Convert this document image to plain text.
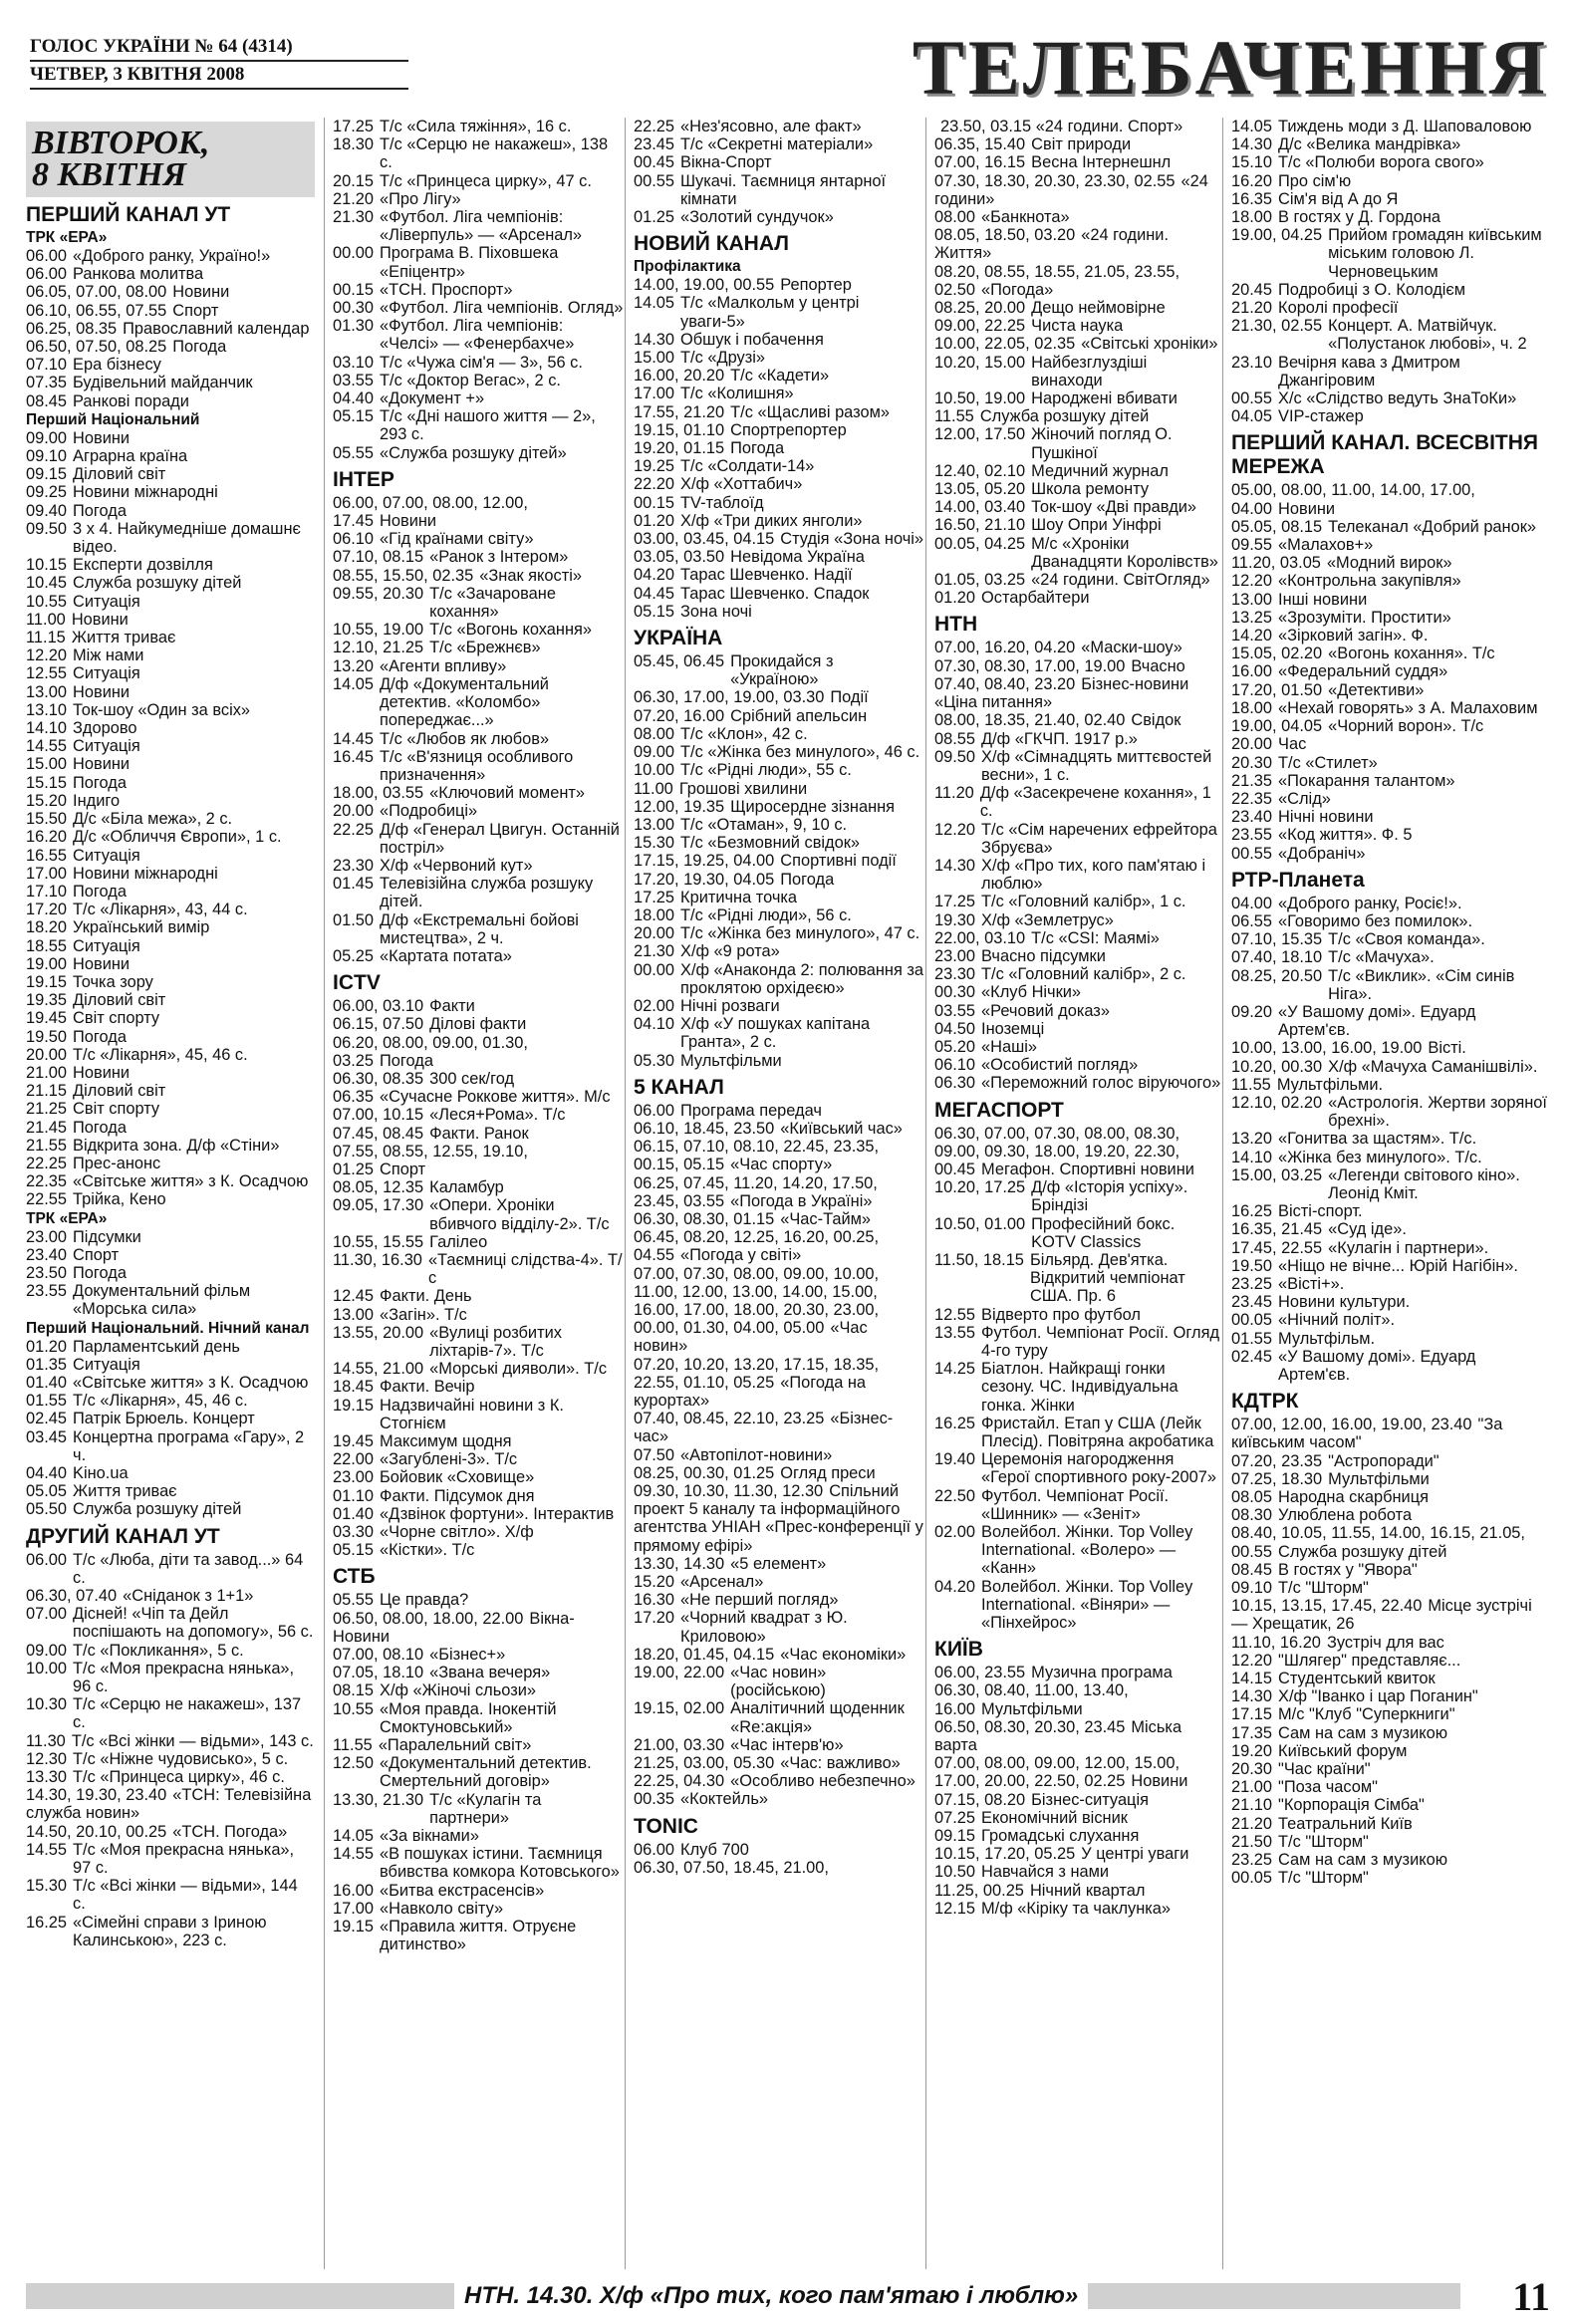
ГОЛОС УКРАЇНИ № 64 (4314)
ЧЕТВЕР, 3 КВІТНЯ 2008	ТЕЛЕБАЧЕННЯ
ВІВТОРОК,
8 КВІТНЯ
ПЕРШИЙ КАНАЛ УТ
ТРК «ЕРА»
06.00 «Доброго ранку, Україно!»
06.00 Ранкова молитва
06.05, 07.00, 08.00 Новини
06.10, 06.55, 07.55 Спорт
06.25, 08.35 Православний календар
06.50, 07.50, 08.25 Погода
07.10 Ера бізнесу
07.35 Будівельний майданчик
08.45 Ранкові поради
Перший Національний
09.00 Новини
09.10 Аграрна країна
09.15 Діловий світ
09.25 Новини міжнародні
09.40 Погода
09.50 3 х 4. Найкумедніше домашнє відео.
10.15 Експерти дозвілля
10.45 Служба розшуку дітей
10.55 Ситуація
11.00 Новини
11.15 Життя триває
12.20 Між нами
12.55 Ситуація
13.00 Новини
13.10 Ток-шоу «Один за всіх»
14.10 Здорово
14.55 Ситуація
15.00 Новини
15.15 Погода
15.20 Індиго
15.50 Д/с «Біла межа», 2 с.
16.20 Д/с «Обличчя Європи», 1 с.
16.55 Ситуація
17.00 Новини міжнародні
17.10 Погода
17.20 Т/с «Лікарня», 43, 44 с.
18.20 Український вимір
18.55 Ситуація
19.00 Новини
19.15 Точка зору
19.35 Діловий світ
19.45 Світ спорту
19.50 Погода
20.00 Т/с «Лікарня», 45, 46 с.
21.00 Новини
21.15 Діловий світ
21.25 Світ спорту
21.45 Погода
21.55 Відкрита зона. Д/ф «Стіни»
22.25 Прес-анонс
22.35 «Світське життя» з К. Осадчою
22.55 Трійка, Кено
ТРК «ЕРА»
23.00 Підсумки
23.40 Спорт
23.50 Погода
23.55 Документальний фільм «Морська сила»
Перший Національний. Нічний канал
01.20 Парламентський день
01.35 Ситуація
01.40 «Світське життя» з К. Осадчою
01.55 Т/с «Лікарня», 45, 46 с.
02.45 Патрік Брюель. Концерт
03.45 Концертна програма «Гару», 2 ч.
04.40 Kіно.ua
05.05 Життя триває
05.50 Служба розшуку дітей
ДРУГИЙ КАНАЛ УТ
06.00 Т/с «Люба, діти та завод...» 64 с.
06.30, 07.40 «Сніданок з 1+1»
07.00 Дісней! «Чіп та Дейл поспішають на допомогу», 56 с.
09.00 Т/с «Покликання», 5 с.
10.00 Т/с «Моя прекрасна нянька», 96 с.
10.30 Т/с «Серцю не накажеш», 137 с.
11.30 Т/с «Всі жінки — відьми», 143 с.
12.30 Т/с «Ніжне чудовисько», 5 с.
13.30 Т/с «Принцеса цирку», 46 с.
14.30, 19.30, 23.40 «ТСН: Телевізійна служба новин»
14.50, 20.10, 00.25 «ТСН. Погода»
14.55 Т/с «Моя прекрасна нянька», 97 с.
15.30 Т/с «Всі жінки — відьми», 144 с.
16.25 «Сімейні справи з Іриною Калинською», 223 с.
17.25 Т/с «Сила тяжіння», 16 с.
18.30 Т/с «Серцю не накажеш», 138 с.
20.15 Т/с «Принцеса цирку», 47 с.
21.20 «Про Лігу»
21.30 «Футбол. Ліга чемпіонів: «Ліверпуль» — «Арсенал»
00.00 Програма В. Піховшека «Епіцентр»
00.15 «ТСН. Проспорт»
00.30 «Футбол. Ліга чемпіонів. Огляд»
01.30 «Футбол. Ліга чемпіонів: «Челсі» — «Фенербахче»
03.10 Т/с «Чужа сім'я — 3», 56 с.
03.55 Т/с «Доктор Вегас», 2 с.
04.40 «Документ +»
05.15 Т/с «Дні нашого життя — 2», 293 с.
05.55 «Служба розшуку дітей»
ІНТЕР
06.00, 07.00, 08.00, 12.00, 17.45 Новини
06.10 «Гід країнами світу»
07.10, 08.15 «Ранок з Інтером»
08.55, 15.50, 02.35 «Знак якості»
09.55, 20.30 Т/с «Зачароване кохання»
10.55, 19.00 Т/с «Вогонь кохання»
12.10, 21.25 Т/с «Брежнєв»
13.20 «Агенти впливу»
14.05 Д/ф «Документальний детектив. «Коломбо» попереджає...»
14.45 Т/с «Любов як любов»
16.45 Т/с «В'язниця особливого призначення»
18.00, 03.55 «Ключовий момент»
20.00 «Подробиці»
22.25 Д/ф «Генерал Цвигун. Останній постріл»
23.30 Х/ф «Червоний кут»
01.45 Телевізійна служба розшуку дітей.
01.50 Д/ф «Екстремальні бойові мистецтва», 2 ч.
05.25 «Картата потата»
ICTV
06.00, 03.10 Факти
06.15, 07.50 Ділові факти
06.20, 08.00, 09.00, 01.30, 03.25 Погода
06.30, 08.35 300 сек/год
06.35 «Сучасне Роккове життя». М/с
07.00, 10.15 «Леся+Рома». Т/с
07.45, 08.45 Факти. Ранок
07.55, 08.55, 12.55, 19.10, 01.25 Спорт
08.05, 12.35 Каламбур
09.05, 17.30 «Опери. Хроніки вбивчого відділу-2». Т/с
10.55, 15.55 Галілео
11.30, 16.30 «Таємниці слідства-4». Т/с
12.45 Факти. День
13.00 «Загін». Т/с
13.55, 20.00 «Вулиці розбитих ліхтарів-7». Т/с
14.55, 21.00 «Морські дияволи». Т/с
18.45 Факти. Вечір
19.15 Надзвичайні новини з К. Стогнієм
19.45 Максимум щодня
22.00 «Загублені-3». Т/с
23.00 Бойовик «Сховище»
01.10 Факти. Підсумок дня
01.40 «Дзвінок фортуни». Інтерактив
03.30 «Чорне світло». Х/ф
05.15 «Кістки». Т/с
СТБ
05.55 Це правда?
06.50, 08.00, 18.00, 22.00 Вікна-Новини
07.00, 08.10 «Бізнес+»
07.05, 18.10 «Звана вечеря»
08.15 Х/ф «Жіночі сльози»
10.55 «Моя правда. Інокентій Смоктуновський»
11.55 «Паралельний світ»
12.50 «Документальний детектив. Смертельний договір»
13.30, 21.30 Т/с «Кулагін та партнери»
14.05 «За вікнами»
14.55 «В пошуках істини. Таємниця вбивства комкора Котовського»
16.00 «Битва екстрасенсів»
17.00 «Навколо світу»
19.15 «Правила життя. Отруєне дитинство»
22.25 «Нез'ясовно, але факт»
23.45 Т/с «Секретні матеріали»
00.45 Вікна-Спорт
00.55 Шукачі. Таємниця янтарної кімнати
01.25 «Золотий сундучок»
НОВИЙ КАНАЛ
Профілактика
14.00, 19.00, 00.55 Репортер
14.05 Т/с «Малкольм у центрі уваги-5»
14.30 Обшук і побачення
15.00 Т/с «Друзі»
16.00, 20.20 Т/с «Кадети»
17.00 Т/с «Колишня»
17.55, 21.20 Т/с «Щасливі разом»
19.15, 01.10 Спортрепортер
19.20, 01.15 Погода
19.25 Т/с «Солдати-14»
22.20 Х/ф «Хоттабич»
00.15 TV-таблоїд
01.20 Х/ф «Три диких янголи»
03.00, 03.45, 04.15 Студія «Зона ночі»
03.05, 03.50 Невідома Україна
04.20 Тарас Шевченко. Надії
04.45 Тарас Шевченко. Спадок
05.15 Зона ночі
УКРАЇНА
05.45, 06.45 Прокидайся з «Україною»
06.30, 17.00, 19.00, 03.30 Події
07.20, 16.00 Срібний апельсин
08.00 Т/с «Клон», 42 с.
09.00 Т/с «Жінка без минулого», 46 с.
10.00 Т/с «Рідні люди», 55 с.
11.00 Грошові хвилини
12.00, 19.35 Щиросердне зізнання
13.00 Т/с «Отаман», 9, 10 с.
15.30 Т/с «Безмовний свідок»
17.15, 19.25, 04.00 Спортивні події
17.20, 19.30, 04.05 Погода
17.25 Критична точка
18.00 Т/с «Рідні люди», 56 с.
20.00 Т/с «Жінка без минулого», 47 с.
21.30 Х/ф «9 рота»
00.00 Х/ф «Анаконда 2: полювання за проклятою орхідеєю»
02.00 Нічні розваги
04.10 Х/ф «У пошуках капітана Гранта», 2 с.
05.30 Мультфільми
5 КАНАЛ
06.00 Програма передач
06.10, 18.45, 23.50 «Київський час»
06.15, 07.10, 08.10, 22.45, 23.35, 00.15, 05.15 «Час спорту»
06.25, 07.45, 11.20, 14.20, 17.50, 23.45, 03.55 «Погода в Україні»
06.30, 08.30, 01.15 «Час-Тайм»
06.45, 08.20, 12.25, 16.20, 00.25, 04.55 «Погода у світі»
07.00, 07.30, 08.00, 09.00, 10.00, 11.00, 12.00, 13.00, 14.00, 15.00, 16.00, 17.00, 18.00, 20.30, 23.00, 00.00, 01.30, 04.00, 05.00 «Час новин»
07.20, 10.20, 13.20, 17.15, 18.35, 22.55, 01.10, 05.25 «Погода на курортах»
07.40, 08.45, 22.10, 23.25 «Бізнес-час»
07.50 «Автопілот-новини»
08.25, 00.30, 01.25 Огляд преси
09.30, 10.30, 11.30, 12.30 Спільний проект 5 каналу та інформаційного агентства УНІАН «Прес-конференції у прямому ефірі»
13.30, 14.30 «5 елемент»
15.20 «Арсенал»
16.30 «Не перший погляд»
17.20 «Чорний квадрат з Ю. Криловою»
18.20, 01.45, 04.15 «Час економіки»
19.00, 22.00 «Час новин» (російською)
19.15, 02.00 Аналітичний щоденник «Re:акція»
21.00, 03.30 «Час інтерв'ю»
21.25, 03.00, 05.30 «Час: важливо»
22.25, 04.30 «Особливо небезпечно»
00.35 «Коктейль»
TONIC
06.00 Клуб 700
06.30, 07.50, 18.45, 21.00,
23.50, 03.15 «24 години. Спорт»
06.35, 15.40 Світ природи
07.00, 16.15 Весна Інтернешнл
07.30, 18.30, 20.30, 23.30, 02.55 «24 години»
08.00 «Банкнота»
08.05, 18.50, 03.20 «24 години. Життя»
08.20, 08.55, 18.55, 21.05, 23.55, 02.50 «Погода»
08.25, 20.00 Дещо неймовірне
09.00, 22.25 Чиста наука
10.00, 22.05, 02.35 «Світські хроніки»
10.20, 15.00 Найбезглуздіші винаходи
10.50, 19.00 Народжені вбивати
11.55 Служба розшуку дітей
12.00, 17.50 Жіночий погляд О. Пушкіної
12.40, 02.10 Медичний журнал
13.05, 05.20 Школа ремонту
14.00, 03.40 Ток-шоу «Дві правди»
16.50, 21.10 Шоу Опри Уінфрі
00.05, 04.25 М/с «Хроніки Дванадцяти Королівств»
01.05, 03.25 «24 години. СвітОгляд»
01.20 Остарбайтери
НТН
07.00, 16.20, 04.20 «Маски-шоу»
07.30, 08.30, 17.00, 19.00 Вчасно
07.40, 08.40, 23.20 Бізнес-новини «Ціна питання»
08.00, 18.35, 21.40, 02.40 Свідок
08.55 Д/ф «ГКЧП. 1917 р.»
09.50 Х/ф «Сімнадцять миттєвостей весни», 1 с.
11.20 Д/ф «Засекречене кохання», 1 с.
12.20 Т/с «Сім наречених ефрейтора Збруєва»
14.30 Х/ф «Про тих, кого пам'ятаю і люблю»
17.25 Т/с «Головний калібр», 1 с.
19.30 Х/ф «Землетрус»
22.00, 03.10 Т/с «CSI: Маямі»
23.00 Вчасно підсумки
23.30 Т/с «Головний калібр», 2 с.
00.30 «Клуб Нічки»
03.55 «Речовий доказ»
04.50 Іноземці
05.20 «Наші»
06.10 «Особистий погляд»
06.30 «Переможний голос віруючого»
МЕГАСПОРТ
06.30, 07.00, 07.30, 08.00, 08.30, 09.00, 09.30, 18.00, 19.20, 22.30, 00.45 Мегафон. Спортивні новини
10.20, 17.25 Д/ф «Історія успіху». Бріндізі
10.50, 01.00 Професійний бокс. KOTV Classics
11.50, 18.15 Більярд. Дев'ятка. Відкритий чемпіонат США. Пр. 6
12.55 Відверто про футбол
13.55 Футбол. Чемпіонат Росії. Огляд 4-го туру
14.25 Біатлон. Найкращі гонки сезону. ЧС. Індивідуальна гонка. Жінки
16.25 Фристайл. Етап у США (Лейк Плесід). Повітряна акробатика
19.40 Церемонія нагородження «Герої спортивного року-2007»
22.50 Футбол. Чемпіонат Росії. «Шинник» — «Зеніт»
02.00 Волейбол. Жінки. Top Volley International. «Волеро» — «Канн»
04.20 Волейбол. Жінки. Top Volley International. «Віняри» — «Пінхейрос»
КИЇВ
06.00, 23.55 Музична програма
06.30, 08.40, 11.00, 13.40, 16.00 Мультфільми
06.50, 08.30, 20.30, 23.45 Міська варта
07.00, 08.00, 09.00, 12.00, 15.00, 17.00, 20.00, 22.50, 02.25 Новини
07.15, 08.20 Бізнес-ситуація
07.25 Економічний вісник
09.15 Громадські слухання
10.15, 17.20, 05.25 У центрі уваги
10.50 Навчайся з нами
11.25, 00.25 Нічний квартал
12.15 М/ф «Кіріку та чаклунка»
14.05 Тиждень моди з Д. Шаповаловою
14.30 Д/с «Велика мандрівка»
15.10 Т/с «Полюби ворога свого»
16.20 Про сім'ю
16.35 Сім'я від А до Я
18.00 В гостях у Д. Гордона
19.00, 04.25 Прийом громадян київським міським головою Л. Черновецьким
20.45 Подробиці з О. Колодієм
21.20 Королі професії
21.30, 02.55 Концерт. А. Матвійчук. «Полустанок любові», ч. 2
23.10 Вечірня кава з Дмитром Джангіровим
00.55 Х/с «Слідство ведуть ЗнаТоКи»
04.05 VIP-стажер
ПЕРШИЙ КАНАЛ. ВСЕСВІТНЯ МЕРЕЖА
05.00, 08.00, 11.00, 14.00, 17.00, 04.00 Новини
05.05, 08.15 Телеканал «Добрий ранок»
09.55 «Малахов+»
11.20, 03.05 «Модний вирок»
12.20 «Контрольна закупівля»
13.00 Інші новини
13.25 «Зрозуміти. Простити»
14.20 «Зірковий загін». Ф.
15.05, 02.20 «Вогонь кохання». Т/с
16.00 «Федеральний суддя»
17.20, 01.50 «Детективи»
18.00 «Нехай говорять» з А. Малаховим
19.00, 04.05 «Чорний ворон». Т/с
20.00 Час
20.30 Т/с «Стилет»
21.35 «Покарання талантом»
22.35 «Слід»
23.40 Нічні новини
23.55 «Код життя». Ф. 5
00.55 «Добраніч»
РТР-Планета
04.00 «Доброго ранку, Росіє!».
06.55 «Говоримо без помилок».
07.10, 15.35 Т/с «Своя команда».
07.40, 18.10 Т/с «Мачуха».
08.25, 20.50 Т/с «Виклик». «Сім синів Ніга».
09.20 «У Вашому домі». Едуард Артем'єв.
10.00, 13.00, 16.00, 19.00 Вісті.
10.20, 00.30 Х/ф «Мачуха Саманішвілі».
11.55 Мультфільми.
12.10, 02.20 «Астрологія. Жертви зоряної брехні».
13.20 «Гонитва за щастям». Т/с.
14.10 «Жінка без минулого». Т/с.
15.00, 03.25 «Легенди світового кіно». Леонід Кміт.
16.25 Вісті-спорт.
16.35, 21.45 «Суд іде».
17.45, 22.55 «Кулагін і партнери».
19.50 «Ніщо не вічне... Юрій Нагібін».
23.25 «Вісті+».
23.45 Новини культури.
00.05 «Нічний політ».
01.55 Мультфільм.
02.45 «У Вашому домі». Едуард Артем'єв.
КДТРК
07.00, 12.00, 16.00, 19.00, 23.40 "За київським часом"
07.20, 23.35 "Астропоради"
07.25, 18.30 Мультфільми
08.05 Народна скарбниця
08.30 Улюблена робота
08.40, 10.05, 11.55, 14.00, 16.15, 21.05, 00.55 Служба розшуку дітей
08.45 В гостях у "Явора"
09.10 Т/с "Шторм"
10.15, 13.15, 17.45, 22.40 Місце зустрічі — Хрещатик, 26
11.10, 16.20 Зустріч для вас
12.20 "Шлягер" представляє...
14.15 Студентський квиток
14.30 Х/ф "Іванко і цар Поганин"
17.15 М/с "Клуб "Суперкниги"
17.35 Сам на сам з музикою
19.20 Київський форум
20.30 "Час країни"
21.00 "Поза часом"
21.10 "Корпорація Сімба"
21.20 Театральний Київ
21.50 Т/с "Шторм"
23.25 Сам на сам з музикою
00.05 Т/с "Шторм"
НТН. 14.30. Х/ф «Про тих, кого пам'ятаю і люблю»	11
